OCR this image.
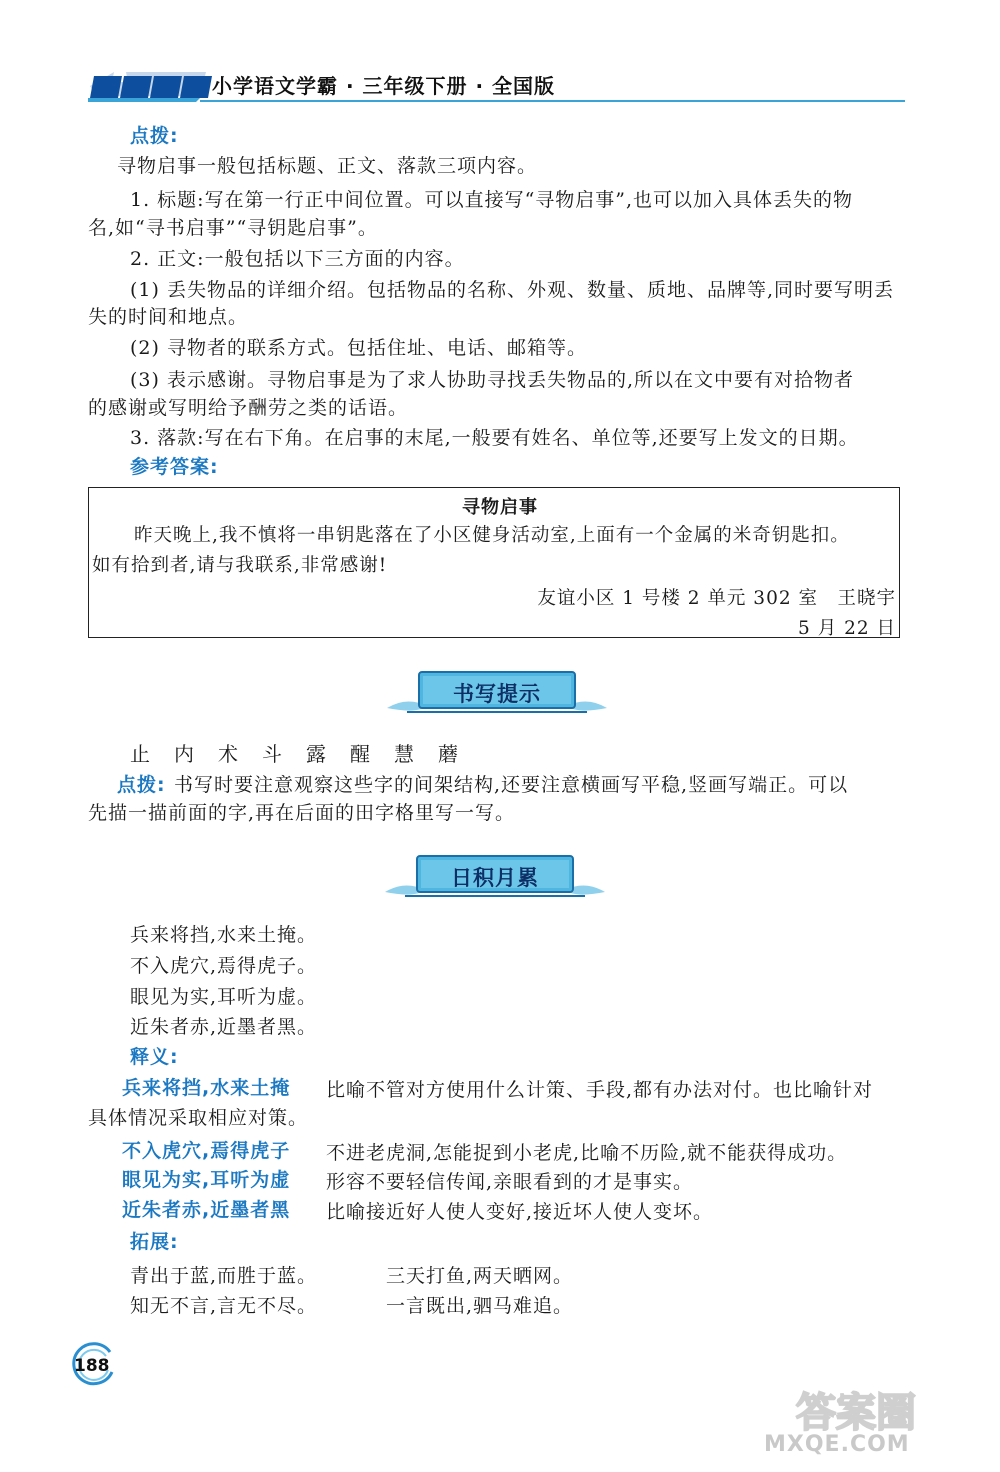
小学语文学霸 · 三年级下册 · 全国版
点拨:
寻物启事一般包括标题、正文、落款三项内容。
1. 标题:写在第一行正中间位置。可以直接写“寻物启事”,也可以加入具体丢失的物
名,如“寻书启事”“寻钥匙启事”。
2. 正文:一般包括以下三方面的内容。
(1) 丢失物品的详细介绍。包括物品的名称、外观、数量、质地、品牌等,同时要写明丢
失的时间和地点。
(2) 寻物者的联系方式。包括住址、电话、邮箱等。
(3) 表示感谢。寻物启事是为了求人协助寻找丢失物品的,所以在文中要有对拾物者
的感谢或写明给予酬劳之类的话语。
3. 落款:写在右下角。在启事的末尾,一般要有姓名、单位等,还要写上发文的日期。
参考答案:
寻物启事
昨天晚上,我不慎将一串钥匙落在了小区健身活动室,上面有一个金属的米奇钥匙扣。
如有拾到者,请与我联系,非常感谢!
友谊小区 1 号楼 2 单元 302 室　王晓宇
5 月 22 日
书写提示
止　内　术　斗　露　醒　慧　蘑
点拨: 书写时要注意观察这些字的间架结构,还要注意横画写平稳,竖画写端正。可以
先描一描前面的字,再在后面的田字格里写一写。
日积月累
兵来将挡,水来土掩。
不入虎穴,焉得虎子。
眼见为实,耳听为虚。
近朱者赤,近墨者黑。
释义:
兵来将挡,水来土掩 比喻不管对方使用什么计策、手段,都有办法对付。也比喻针对
具体情况采取相应对策。
不入虎穴,焉得虎子 不进老虎洞,怎能捉到小老虎,比喻不历险,就不能获得成功。
眼见为实,耳听为虚 形容不要轻信传闻,亲眼看到的才是事实。
近朱者赤,近墨者黑 比喻接近好人使人变好,接近坏人使人变坏。
拓展:
青出于蓝,而胜于蓝。	三天打鱼,两天晒网。
知无不言,言无不尽。	一言既出,驷马难追。
188
答案圈
MXQE.COM
